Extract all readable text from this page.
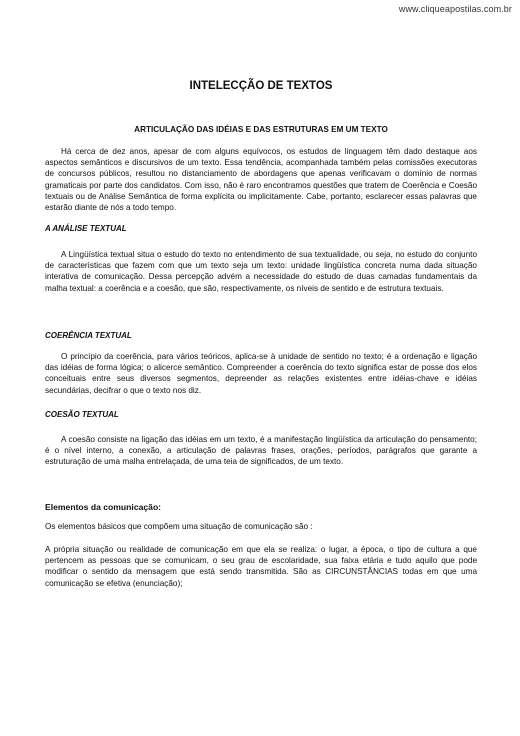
www.cliqueapostilas.com.br
INTELECÇÃO DE TEXTOS
ARTICULAÇÃO DAS IDÉIAS E DAS ESTRUTURAS EM UM TEXTO

Há cerca de dez anos, apesar de com alguns equívocos, os estudos de linguagem têm dado destaque aos aspectos semânticos e discursivos de um texto. Essa tendência, acompanhada também pelas comissões executoras de concursos públicos, resultou no distanciamento de abordagens que apenas verificavam o domínio de normas gramaticais por parte dos candidatos. Com isso, não é raro encontramos questões que tratem de Coerência e Coesão textuais ou de Análise Semântica de forma explícita ou implicitamente. Cabe, portanto, esclarecer essas palavras que estarão diante de nós a todo tempo.

A ANÁLISE TEXTUAL

A Lingüística textual situa o estudo do texto no entendimento de sua textualidade, ou seja, no estudo do conjunto de características que fazem com que um texto seja um texto: unidade lingüística concreta numa dada situação interativa de comunicação. Dessa percepção advém a necessidade do estudo de duas camadas fundamentais da malha textual: a coerência e a coesão, que são, respectivamente, os níveis de sentido e de estrutura textuais.

COERÊNCIA TEXTUAL

O princípio da coerência, para vários teóricos, aplica-se à unidade de sentido no texto; é a ordenação e ligação das idéias de forma lógica; o alicerce semântico. Compreender a coerência do texto significa estar de posse dos elos conceituais entre seus diversos segmentos, depreender as relações existentes entre idéias-chave e idéias secundárias, decifrar o que o texto nos diz.

COESÃO TEXTUAL

A coesão consiste na ligação das idéias em um texto, é a manifestação lingüística da articulação do pensamento; é o nível interno, a conexão, a articulação de palavras frases, orações, períodos, parágrafos que garante a estruturação de uma malha entrelaçada, de uma teia de significados, de um texto.

Elementos da comunicação:

Os elementos básicos que compõem uma situação de comunicação são :

A própria situação ou realidade de comunicação em que ela se realiza: o lugar, a época, o tipo de cultura a que pertencem as pessoas que se comunicam, o seu grau de escolaridade, sua faixa etária e tudo aquilo que pode modificar o sentido da mensagem que está sendo transmitida. São as CIRCUNSTÂNCIAS todas em que uma comunicação se efetiva (enunciação);
